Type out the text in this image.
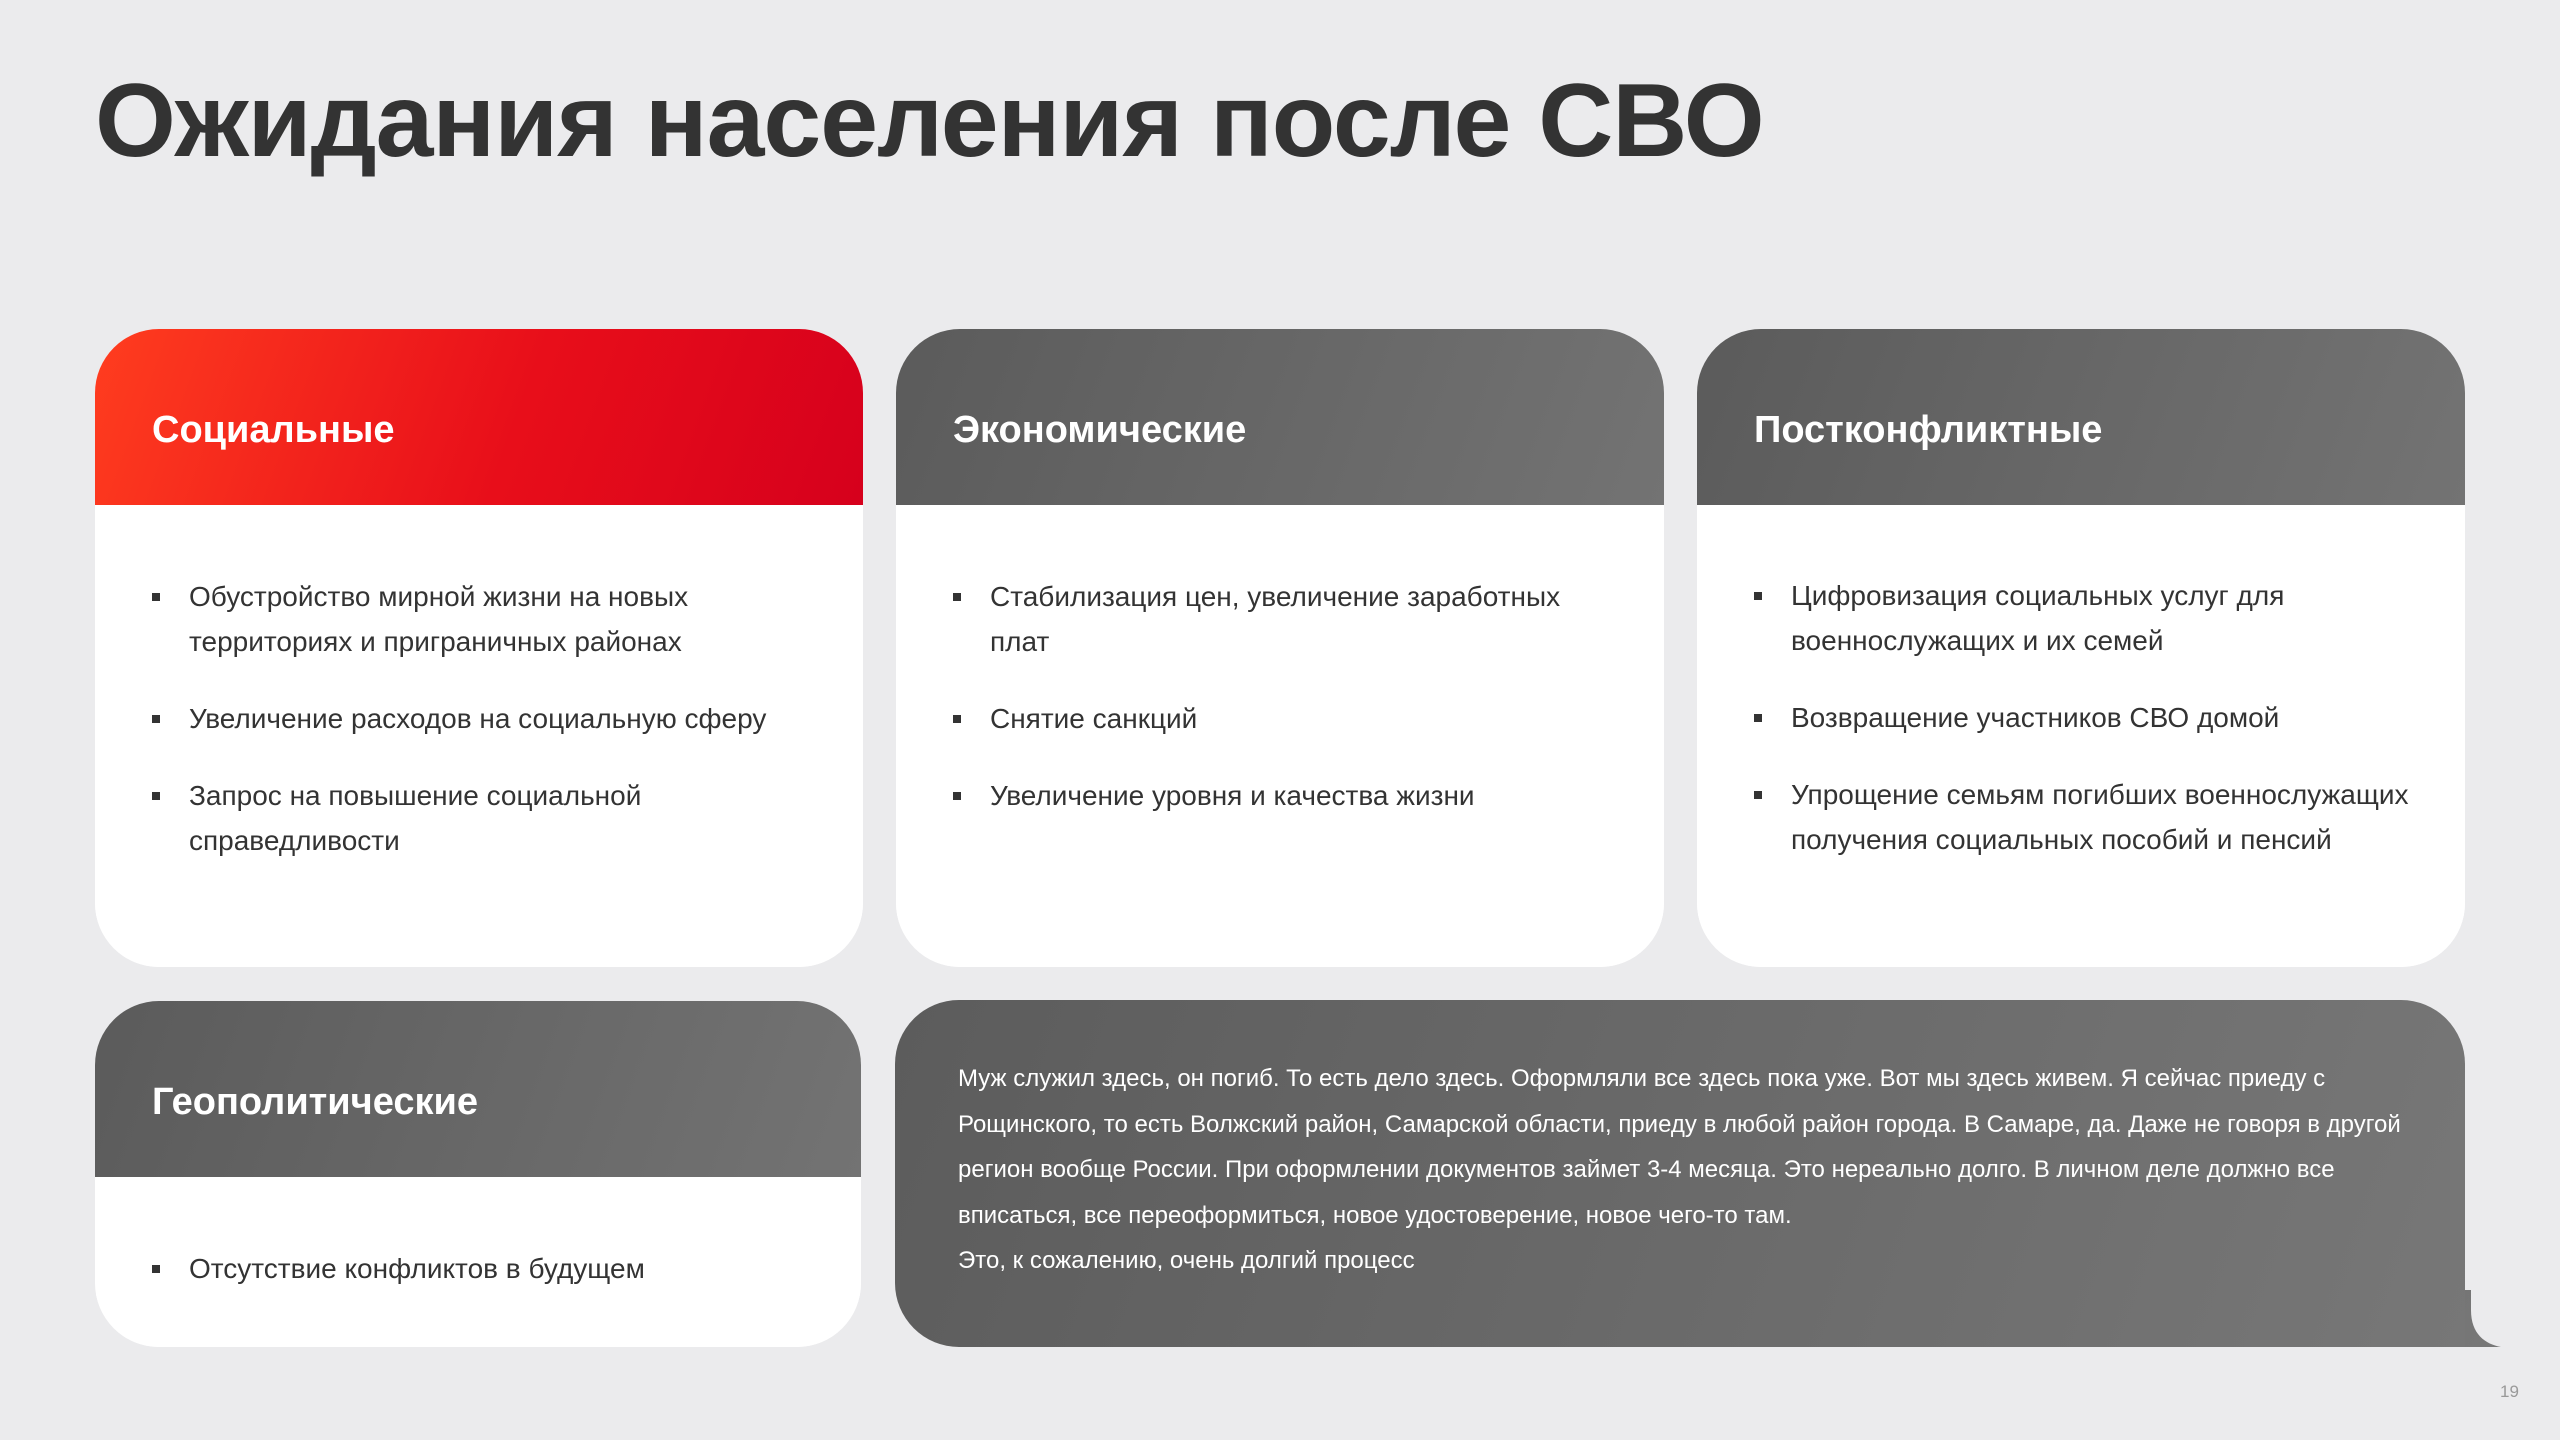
Ожидания населения после СВО
Социальные
Обустройство мирной жизни на новых территориях и приграничных районах
Увеличение расходов на социальную сферу
Запрос на повышение социальной справедливости
Экономические
Стабилизация цен, увеличение заработных плат
Снятие санкций
Увеличение уровня и качества жизни
Постконфликтные
Цифровизация социальных услуг для военнослужащих и их семей
Возвращение участников СВО домой
Упрощение семьям погибших военнослужащих получения социальных пособий и пенсий
Геополитические
Отсутствие конфликтов в будущем

Муж служил здесь, он погиб. То есть дело здесь. Оформляли все здесь пока уже. Вот мы здесь живем. Я сейчас приеду с Рощинского, то есть Волжский район, Самарской области, приеду в любой район города. В Самаре, да. Даже не говоря в другой регион вообще России. При оформлении документов займет 3-4 месяца. Это нереально долго. В личном деле должно все вписаться, все переоформиться, новое удостоверение, новое чего-то там.
Это, к сожалению, очень долгий процесс

19
